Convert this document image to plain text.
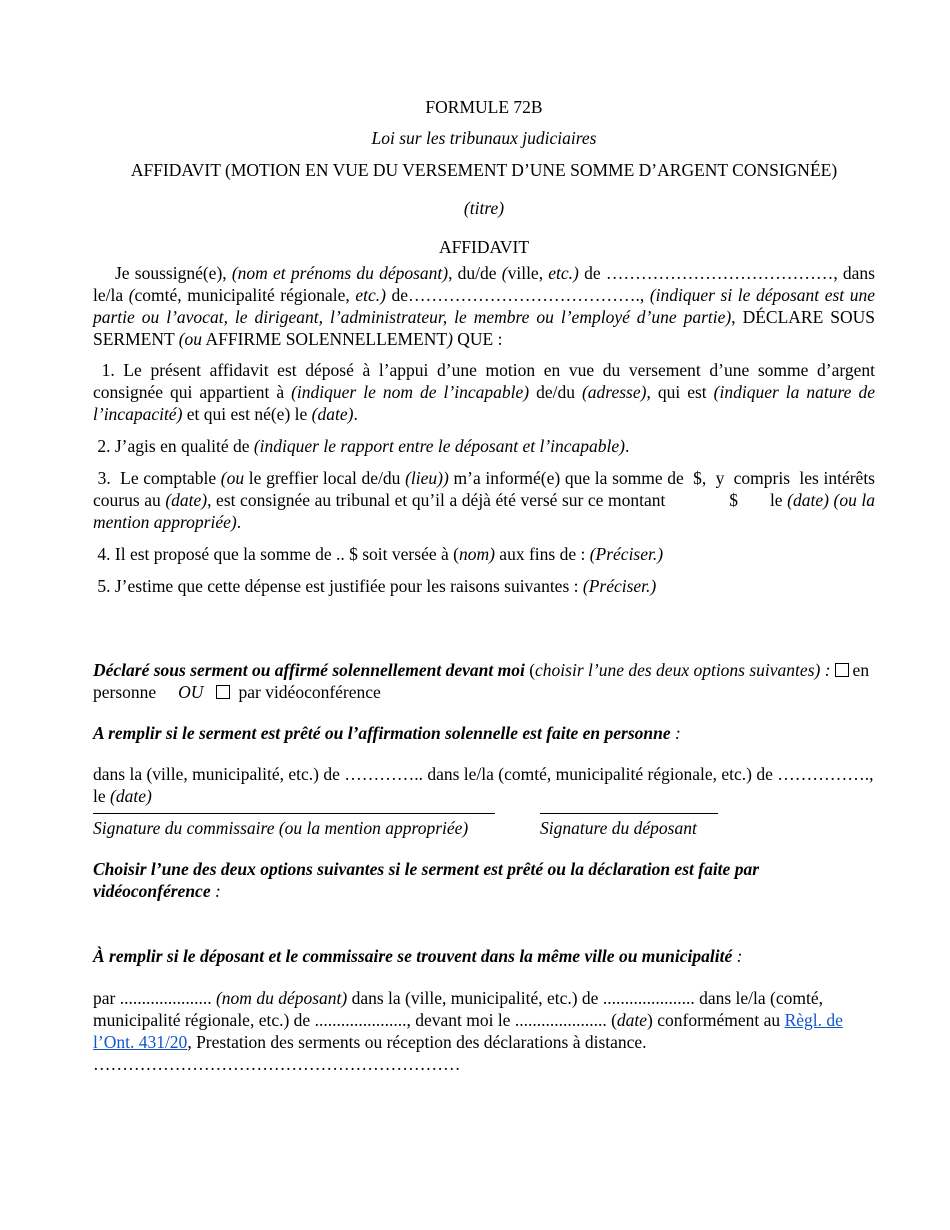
FORMULE 72B

Loi sur les tribunaux judiciaires

AFFIDAVIT (MOTION EN VUE DU VERSEMENT D’UNE SOMME D’ARGENT CONSIGNÉE)

(titre)

AFFIDAVIT

Je soussigné(e), (nom et prénoms du déposant), du/de (ville, etc.) de …………………………………, dans le/la (comté, municipalité régionale, etc.) de…………………………………., (indiquer si le déposant est une partie ou l’avocat, le dirigeant, l’administrateur, le membre ou l’employé d’une partie), DÉCLARE SOUS SERMENT (ou AFFIRME SOLENNELLEMENT) QUE :

1. Le présent affidavit est déposé à l’appui d’une motion en vue du versement d’une somme d’argent consignée qui appartient à (indiquer le nom de l’incapable) de/du (adresse), qui est (indiquer la nature de l’incapacité) et qui est né(e) le (date).

2. J’agis en qualité de (indiquer le rapport entre le déposant et l’incapable).

3.  Le comptable (ou le greffier local de/du (lieu)) m’a informé(e) que la somme de  $,  y  compris  les intérêts courus au (date), est consignée au tribunal et qu’il a déjà été versé sur ce montant              $       le (date) (ou la mention appropriée).

4. Il est proposé que la somme de .. $ soit versée à (nom) aux fins de : (Préciser.)

5. J’estime que cette dépense est justifiée pour les raisons suivantes : (Préciser.)

Déclaré sous serment ou affirmé solennellement devant moi (choisir l’une des deux options suivantes) : en personne OU par vidéoconférence

A remplir si le serment est prêté ou l’affirmation solennelle est faite en personne :

dans la (ville, municipalité, etc.) de ………….. dans le/la (comté, municipalité régionale, etc.) de ……………., le (date)

Signature du commissaire (ou la mention appropriée)	Signature du déposant

Choisir l’une des deux options suivantes si le serment est prêté ou la déclaration est faite par vidéoconférence :

À remplir si le déposant et le commissaire se trouvent dans la même ville ou municipalité :

par ..................... (nom du déposant) dans la (ville, municipalité, etc.) de ..................... dans le/la (comté, municipalité régionale, etc.) de ....................., devant moi le ..................... (date) conformément au Règl. de l’Ont. 431/20, Prestation des serments ou réception des déclarations à distance.

………………………………………………………
